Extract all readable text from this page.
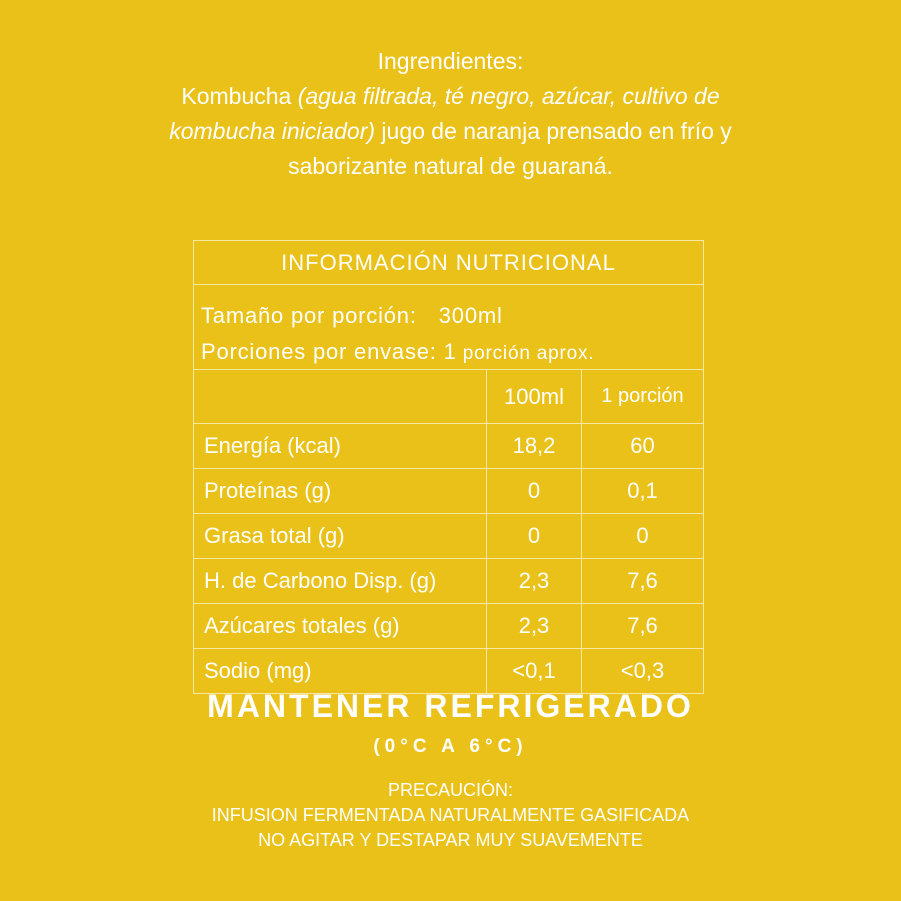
Ingrendientes:
Kombucha (agua filtrada, té negro, azúcar, cultivo de kombucha iniciador) jugo de naranja prensado en frío y saborizante natural de guaraná.
INFORMACIÓN NUTRICIONAL
Tamaño por porción: 300ml
Porciones por envase: 1 porción aprox.
	100ml	1 porción
Energía (kcal)	18,2	60
Proteínas (g)	0	0,1
Grasa total (g)	0	0
H. de Carbono Disp. (g)	2,3	7,6
Azúcares totales (g)	2,3	7,6
Sodio (mg)	<0,1	<0,3
MANTENER REFRIGERADO
(0°C A 6°C)
PRECAUCIÓN:
INFUSION FERMENTADA NATURALMENTE GASIFICADA
NO AGITAR Y DESTAPAR MUY SUAVEMENTE
